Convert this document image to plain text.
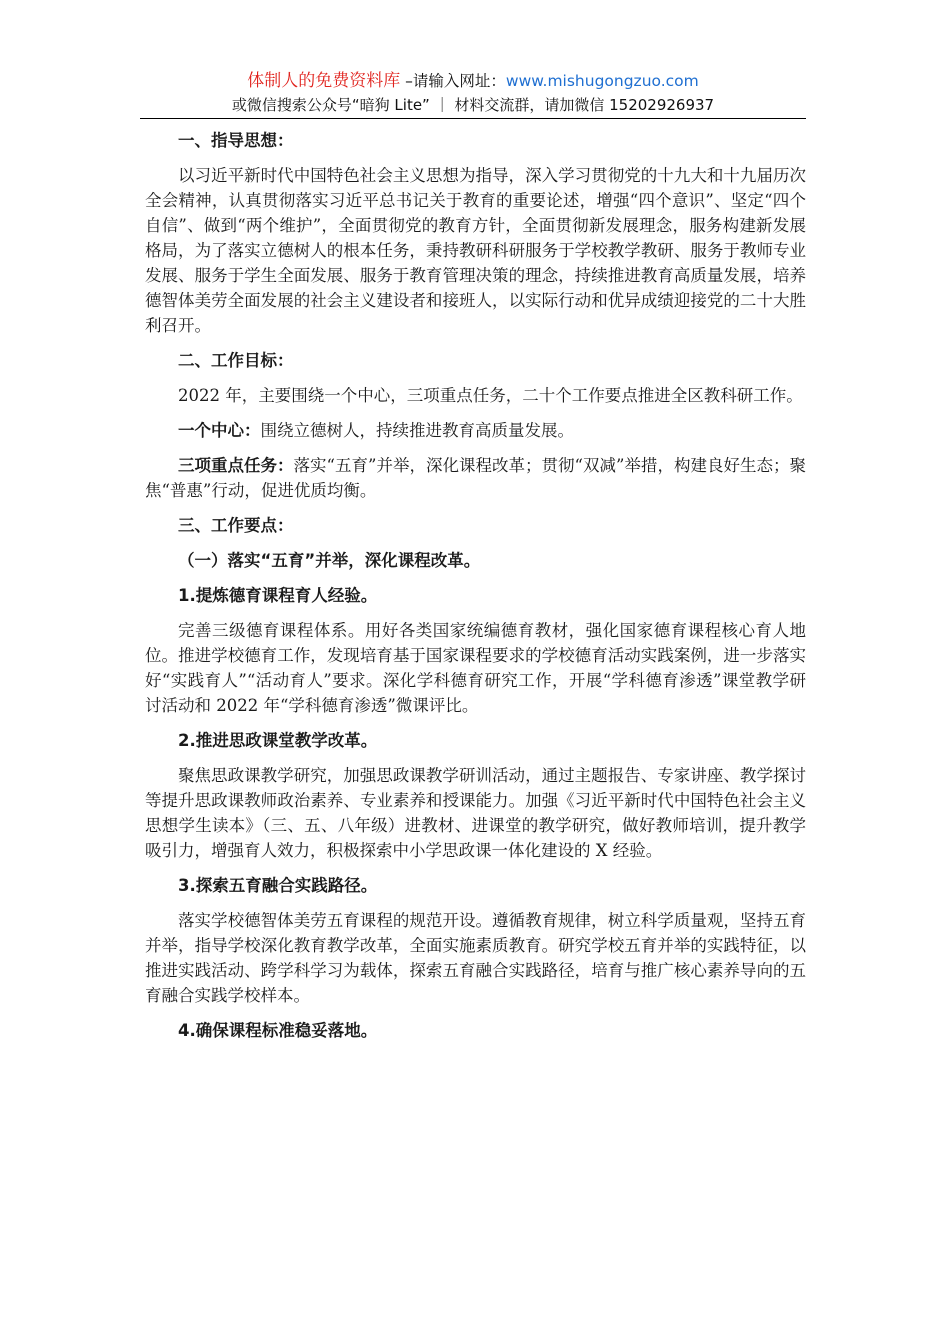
体制人的免费资料库 –请输入网址：www.mishugongzuo.com
或微信搜索公众号“暗狗 Lite” ｜ 材料交流群，请加微信 15202926937
一、指导思想：
以习近平新时代中国特色社会主义思想为指导，深入学习贯彻党的十九大和十九届历次全会精神，认真贯彻落实习近平总书记关于教育的重要论述，增强“四个意识”、坚定“四个自信”、做到“两个维护”，全面贯彻党的教育方针，全面贯彻新发展理念，服务构建新发展格局，为了落实立德树人的根本任务，秉持教研科研服务于学校教学教研、服务于教师专业发展、服务于学生全面发展、服务于教育管理决策的理念，持续推进教育高质量发展，培养德智体美劳全面发展的社会主义建设者和接班人，以实际行动和优异成绩迎接党的二十大胜利召开。
二、工作目标：
2022 年，主要围绕一个中心，三项重点任务，二十个工作要点推进全区教科研工作。
一个中心：围绕立德树人，持续推进教育高质量发展。
三项重点任务：落实“五育”并举，深化课程改革；贯彻“双减”举措，构建良好生态；聚焦“普惠”行动，促进优质均衡。
三、工作要点：
（一）落实“五育”并举，深化课程改革。
1.提炼德育课程育人经验。
完善三级德育课程体系。用好各类国家统编德育教材，强化国家德育课程核心育人地位。推进学校德育工作，发现培育基于国家课程要求的学校德育活动实践案例，进一步落实好“实践育人”“活动育人”要求。深化学科德育研究工作，开展“学科德育渗透”课堂教学研讨活动和 2022 年“学科德育渗透”微课评比。
2.推进思政课堂教学改革。
聚焦思政课教学研究，加强思政课教学研训活动，通过主题报告、专家讲座、教学探讨等提升思政课教师政治素养、专业素养和授课能力。加强《习近平新时代中国特色社会主义思想学生读本》（三、五、八年级）进教材、进课堂的教学研究，做好教师培训，提升教学吸引力，增强育人效力，积极探索中小学思政课一体化建设的 X 经验。
3.探索五育融合实践路径。
落实学校德智体美劳五育课程的规范开设。遵循教育规律，树立科学质量观，坚持五育并举，指导学校深化教育教学改革，全面实施素质教育。研究学校五育并举的实践特征，以推进实践活动、跨学科学习为载体，探索五育融合实践路径，培育与推广核心素养导向的五育融合实践学校样本。
4.确保课程标准稳妥落地。
